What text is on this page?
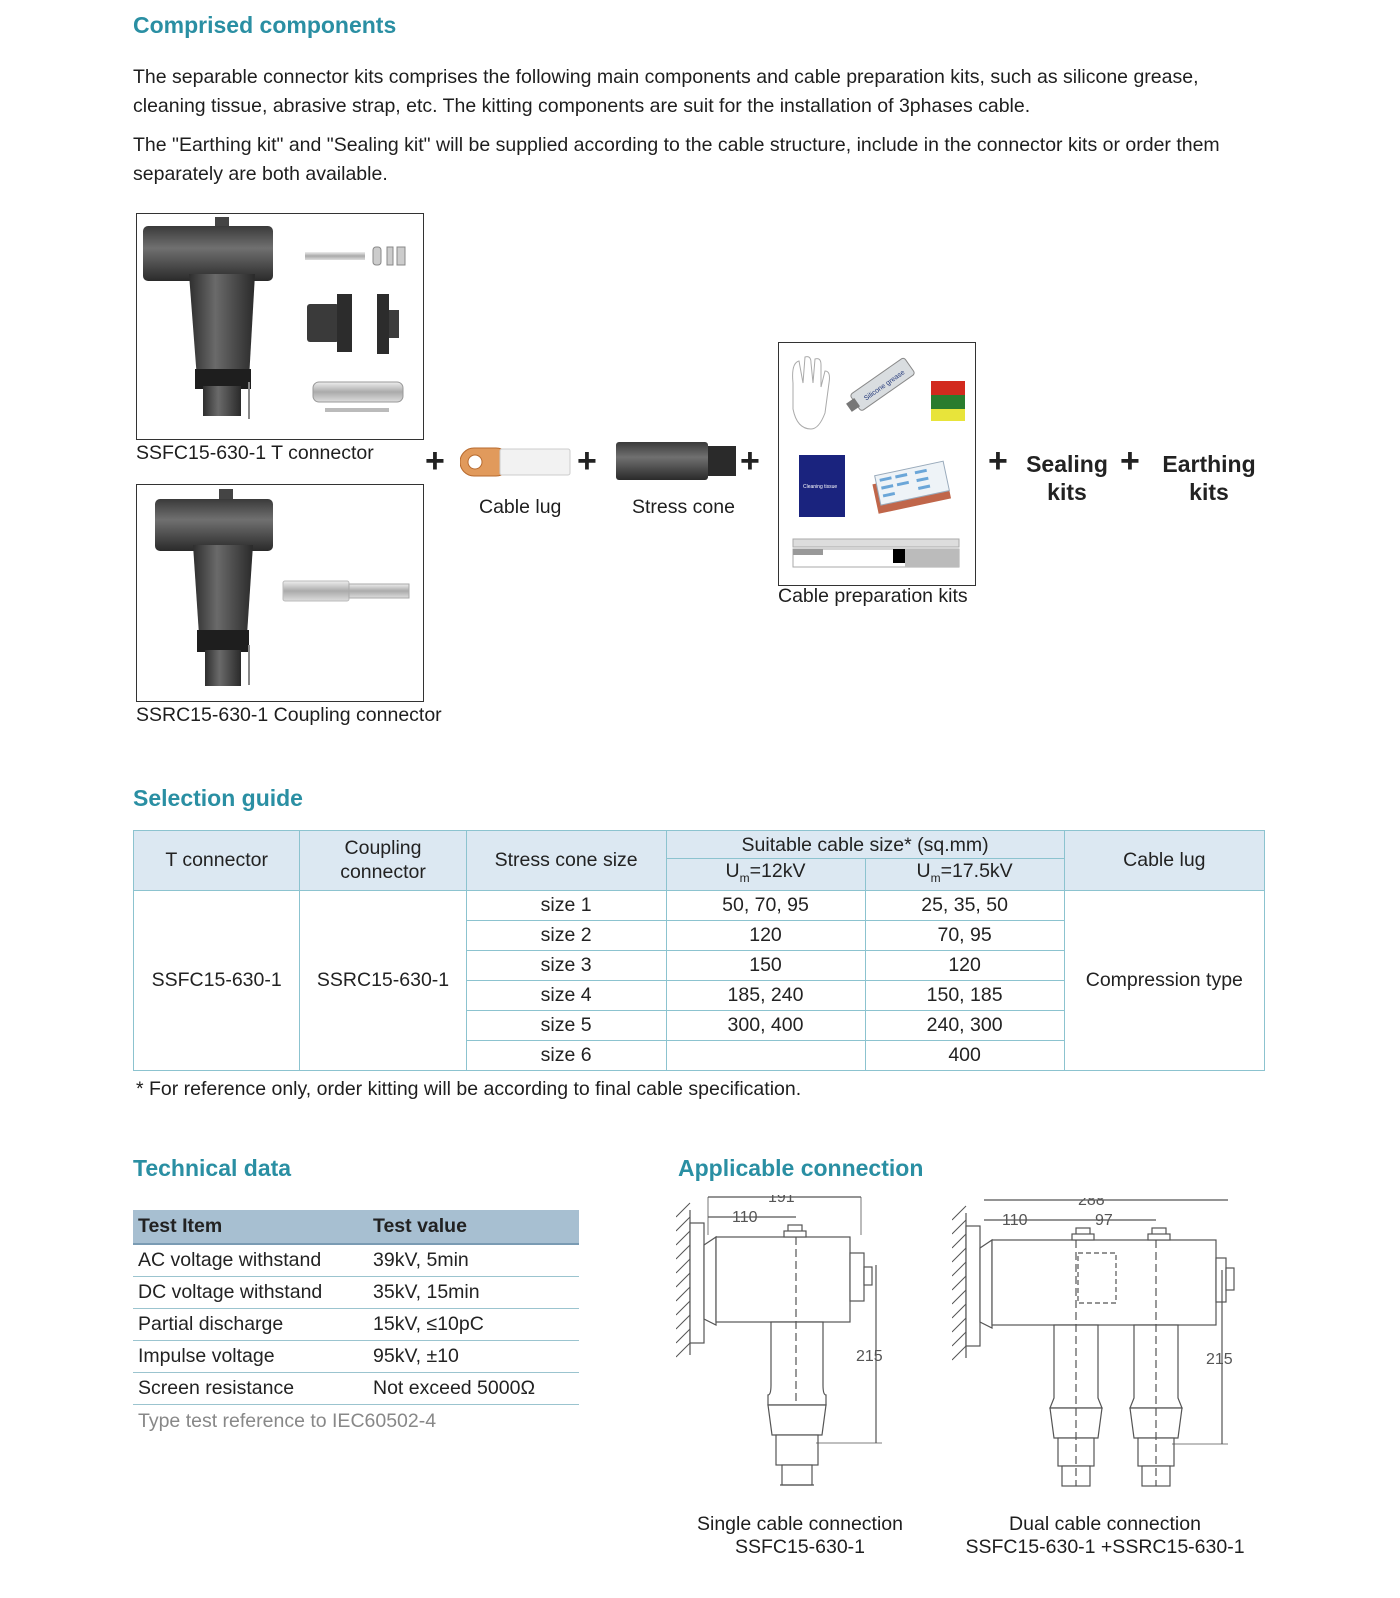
Comprised components
The separable connector kits comprises the following main components and cable preparation kits, such as silicone grease, cleaning tissue, abrasive strap, etc. The kitting components are suit for the installation of 3phases cable.
The "Earthing kit" and "Sealing kit" will be supplied according to the cable structure, include in the connector kits or order them separately are both available.
SSFC15-630-1 T connector
SSRC15-630-1 Coupling connector
+
Cable lug
+
Stress cone
+
Silicone grease
Cleaning tissue
Cable preparation kits
+ Sealing kits
+ Earthing kits
Selection guide
T connector	Coupling connector	Stress cone size	Suitable cable size* (sq.mm)		Cable lug
			$U_m=12kV$	$U_m=17.5kV$	
SSFC15-630-1	SSRC15-630-1	size 1	50, 70, 95	25, 35, 50	Compression type
		size 2	120	70, 95	
		size 3	150	120	
		size 4	185, 240	150, 185	
		size 5	300, 400	240, 300	
		size 6		400	
* For reference only, order kitting will be according to final cable specification.
Technical data
Test Item	Test value
AC voltage withstand	39kV, 5min
DC voltage withstand	35kV, 15min
Partial discharge	15kV, ≤10pC
Impulse voltage	95kV, ±10
Screen resistance	Not exceed 5000Ω
Type test reference to IEC60502-4
Applicable connection
191
110
215
Single cable connection
SSFC15-630-1
288
110	97
215
Dual cable connection
SSFC15-630-1 +SSRC15-630-1
